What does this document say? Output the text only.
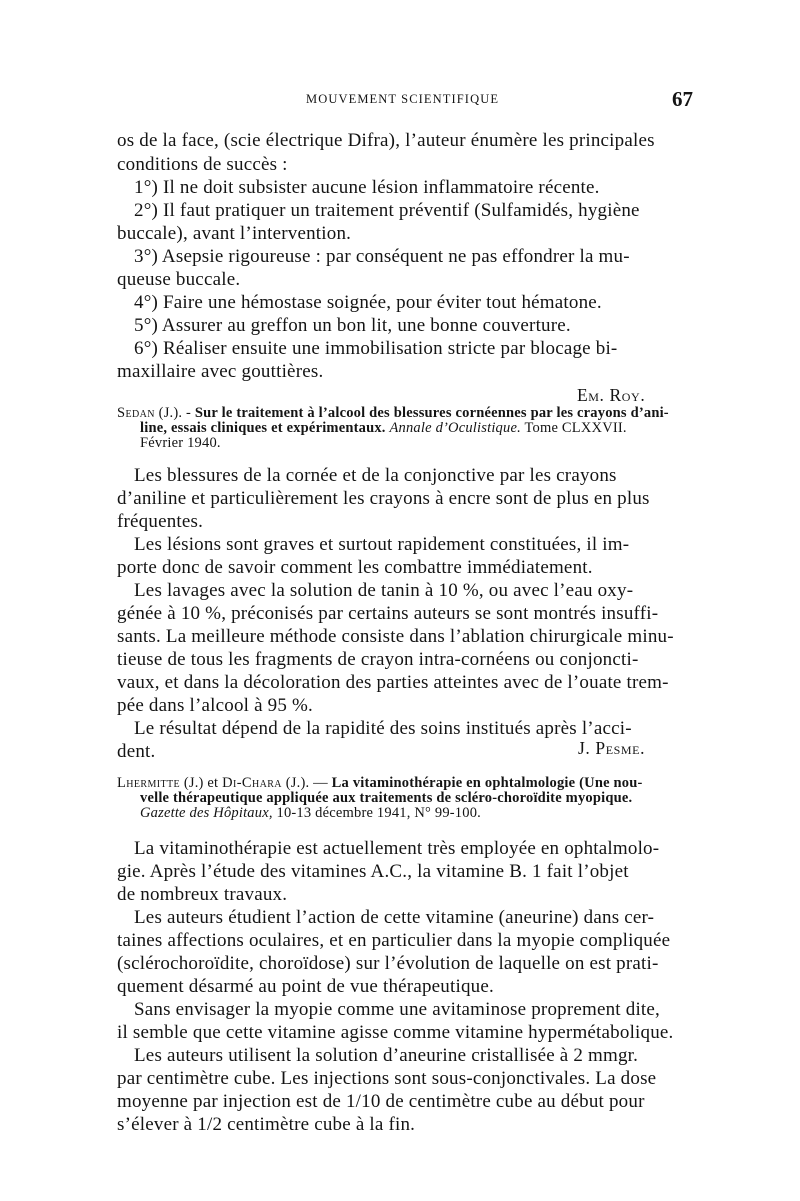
MOUVEMENT SCIENTIFIQUE	67
os de la face, (scie électrique Difra), l’auteur énumère les principales
conditions de succès :
1°) Il ne doit subsister aucune lésion inflammatoire récente.
2°) Il faut pratiquer un traitement préventif (Sulfamidés, hygiène
buccale), avant l’intervention.
3°) Asepsie rigoureuse : par conséquent ne pas effondrer la mu-
queuse buccale.
4°) Faire une hémostase soignée, pour éviter tout hématone.
5°) Assurer au greffon un bon lit, une bonne couverture.
6°) Réaliser ensuite une immobilisation stricte par blocage bi-
maxillaire avec gouttières.
Em. Roy.
Sedan (J.). - Sur le traitement à l’alcool des blessures cornéennes par les crayons d’ani-
line, essais cliniques et expérimentaux. Annale d’Oculistique. Tome CLXXVII.
Février 1940.
Les blessures de la cornée et de la conjonctive par les crayons
d’aniline et particulièrement les crayons à encre sont de plus en plus
fréquentes.
Les lésions sont graves et surtout rapidement constituées, il im-
porte donc de savoir comment les combattre immédiatement.
Les lavages avec la solution de tanin à 10 %, ou avec l’eau oxy-
génée à 10 %, préconisés par certains auteurs se sont montrés insuffi-
sants. La meilleure méthode consiste dans l’ablation chirurgicale minu-
tieuse de tous les fragments de crayon intra-cornéens ou conjoncti-
vaux, et dans la décoloration des parties atteintes avec de l’ouate trem-
pée dans l’alcool à 95 %.
Le résultat dépend de la rapidité des soins institués après l’acci-
dent.	J. Pesme.
Lhermitte (J.) et Di-Chara (J.). — La vitaminothérapie en ophtalmologie (Une nou-
velle thérapeutique appliquée aux traitements de scléro-choroïdite myopique.
Gazette des Hôpitaux, 10-13 décembre 1941, N° 99-100.
La vitaminothérapie est actuellement très employée en ophtalmolo-
gie. Après l’étude des vitamines A.C., la vitamine B. 1 fait l’objet
de nombreux travaux.
Les auteurs étudient l’action de cette vitamine (aneurine) dans cer-
taines affections oculaires, et en particulier dans la myopie compliquée
(sclérochoroïdite, choroïdose) sur l’évolution de laquelle on est prati-
quement désarmé au point de vue thérapeutique.
Sans envisager la myopie comme une avitaminose proprement dite,
il semble que cette vitamine agisse comme vitamine hypermétabolique.
Les auteurs utilisent la solution d’aneurine cristallisée à 2 mmgr.
par centimètre cube. Les injections sont sous-conjonctivales. La dose
moyenne par injection est de 1/10 de centimètre cube au début pour
s’élever à 1/2 centimètre cube à la fin.
